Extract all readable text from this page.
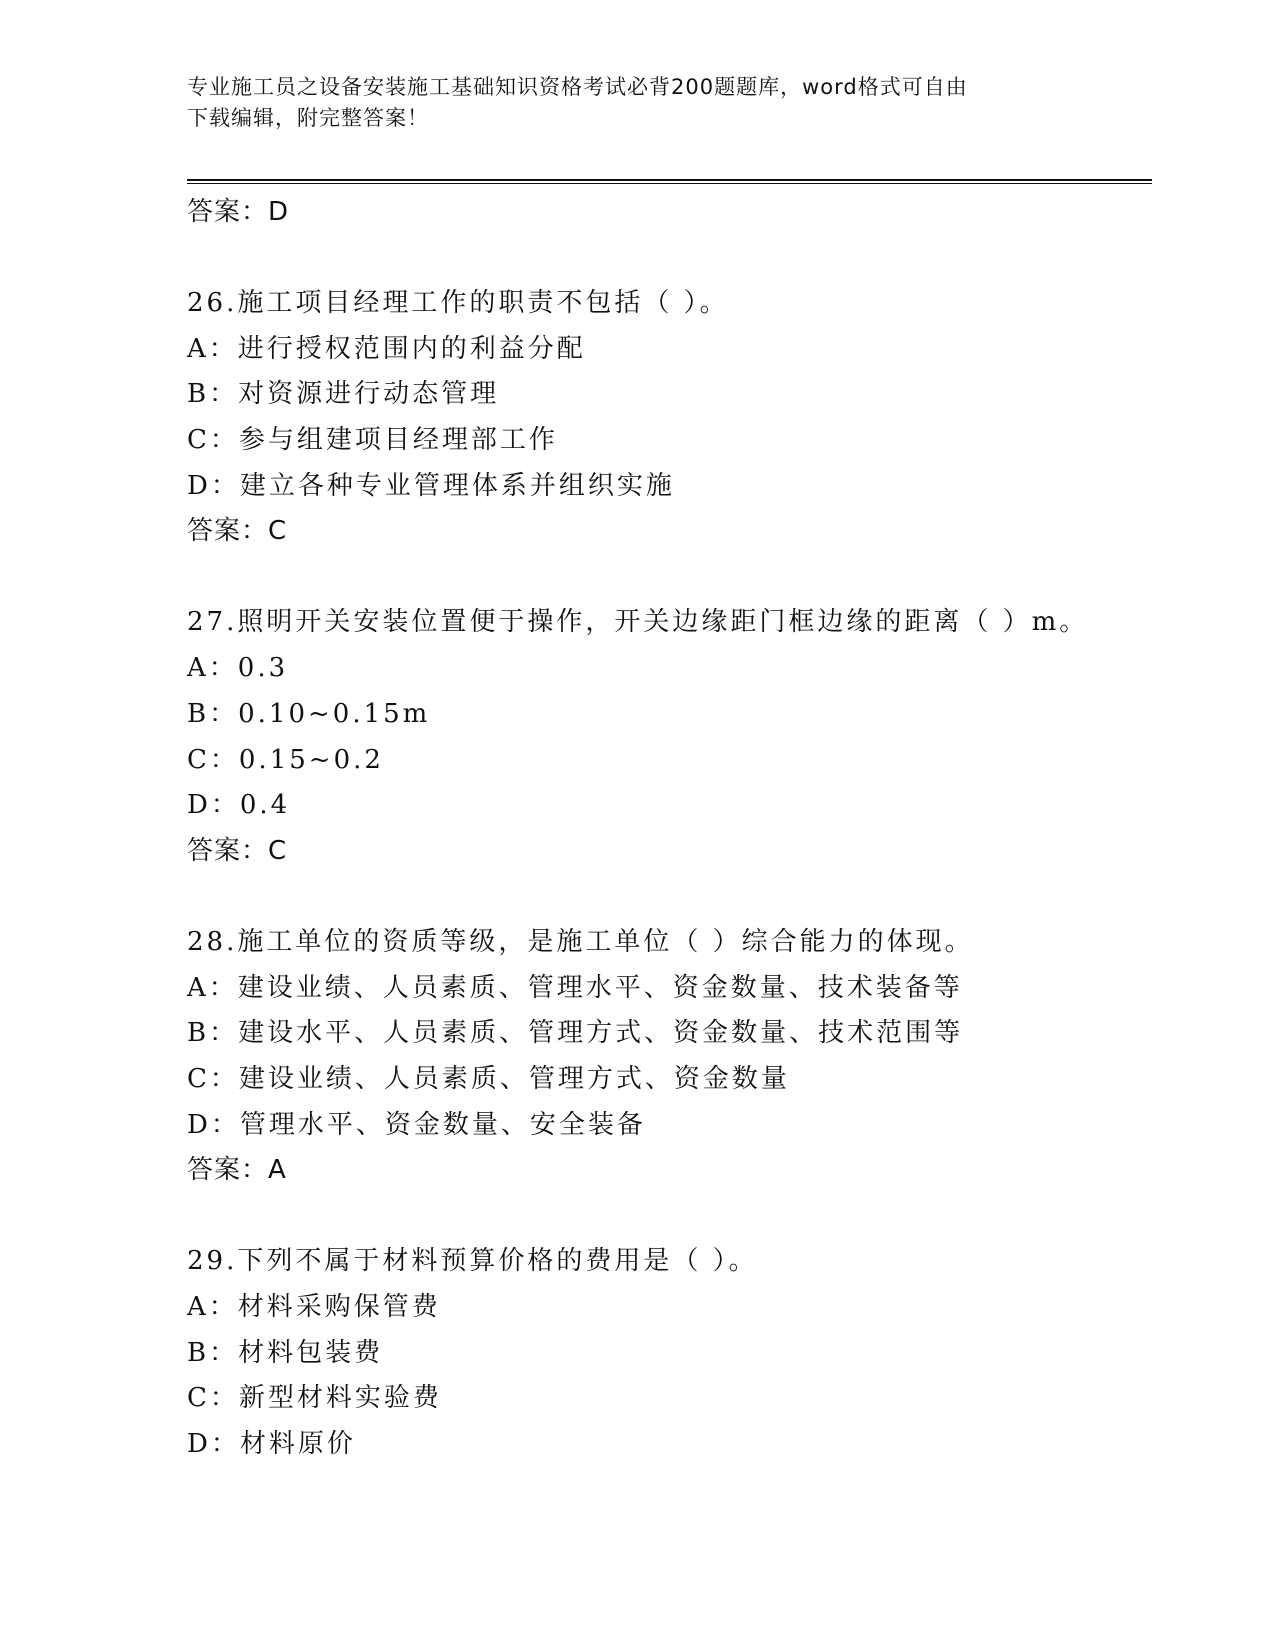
专业施工员之设备安装施工基础知识资格考试必背200题题库，word格式可自由
下载编辑，附完整答案！
答案：D
26.施工项目经理工作的职责不包括（ ）。
A：进行授权范围内的利益分配
B：对资源进行动态管理
C：参与组建项目经理部工作
D：建立各种专业管理体系并组织实施
答案：C
27.照明开关安装位置便于操作，开关边缘距门框边缘的距离（ ）m。
A：0.3
B：0.10~0.15m
C：0.15~0.2
D：0.4
答案：C
28.施工单位的资质等级，是施工单位（ ）综合能力的体现。
A：建设业绩、人员素质、管理水平、资金数量、技术装备等
B：建设水平、人员素质、管理方式、资金数量、技术范围等
C：建设业绩、人员素质、管理方式、资金数量
D：管理水平、资金数量、安全装备
答案：A
29.下列不属于材料预算价格的费用是（ ）。
A：材料采购保管费
B：材料包装费
C：新型材料实验费
D：材料原价
